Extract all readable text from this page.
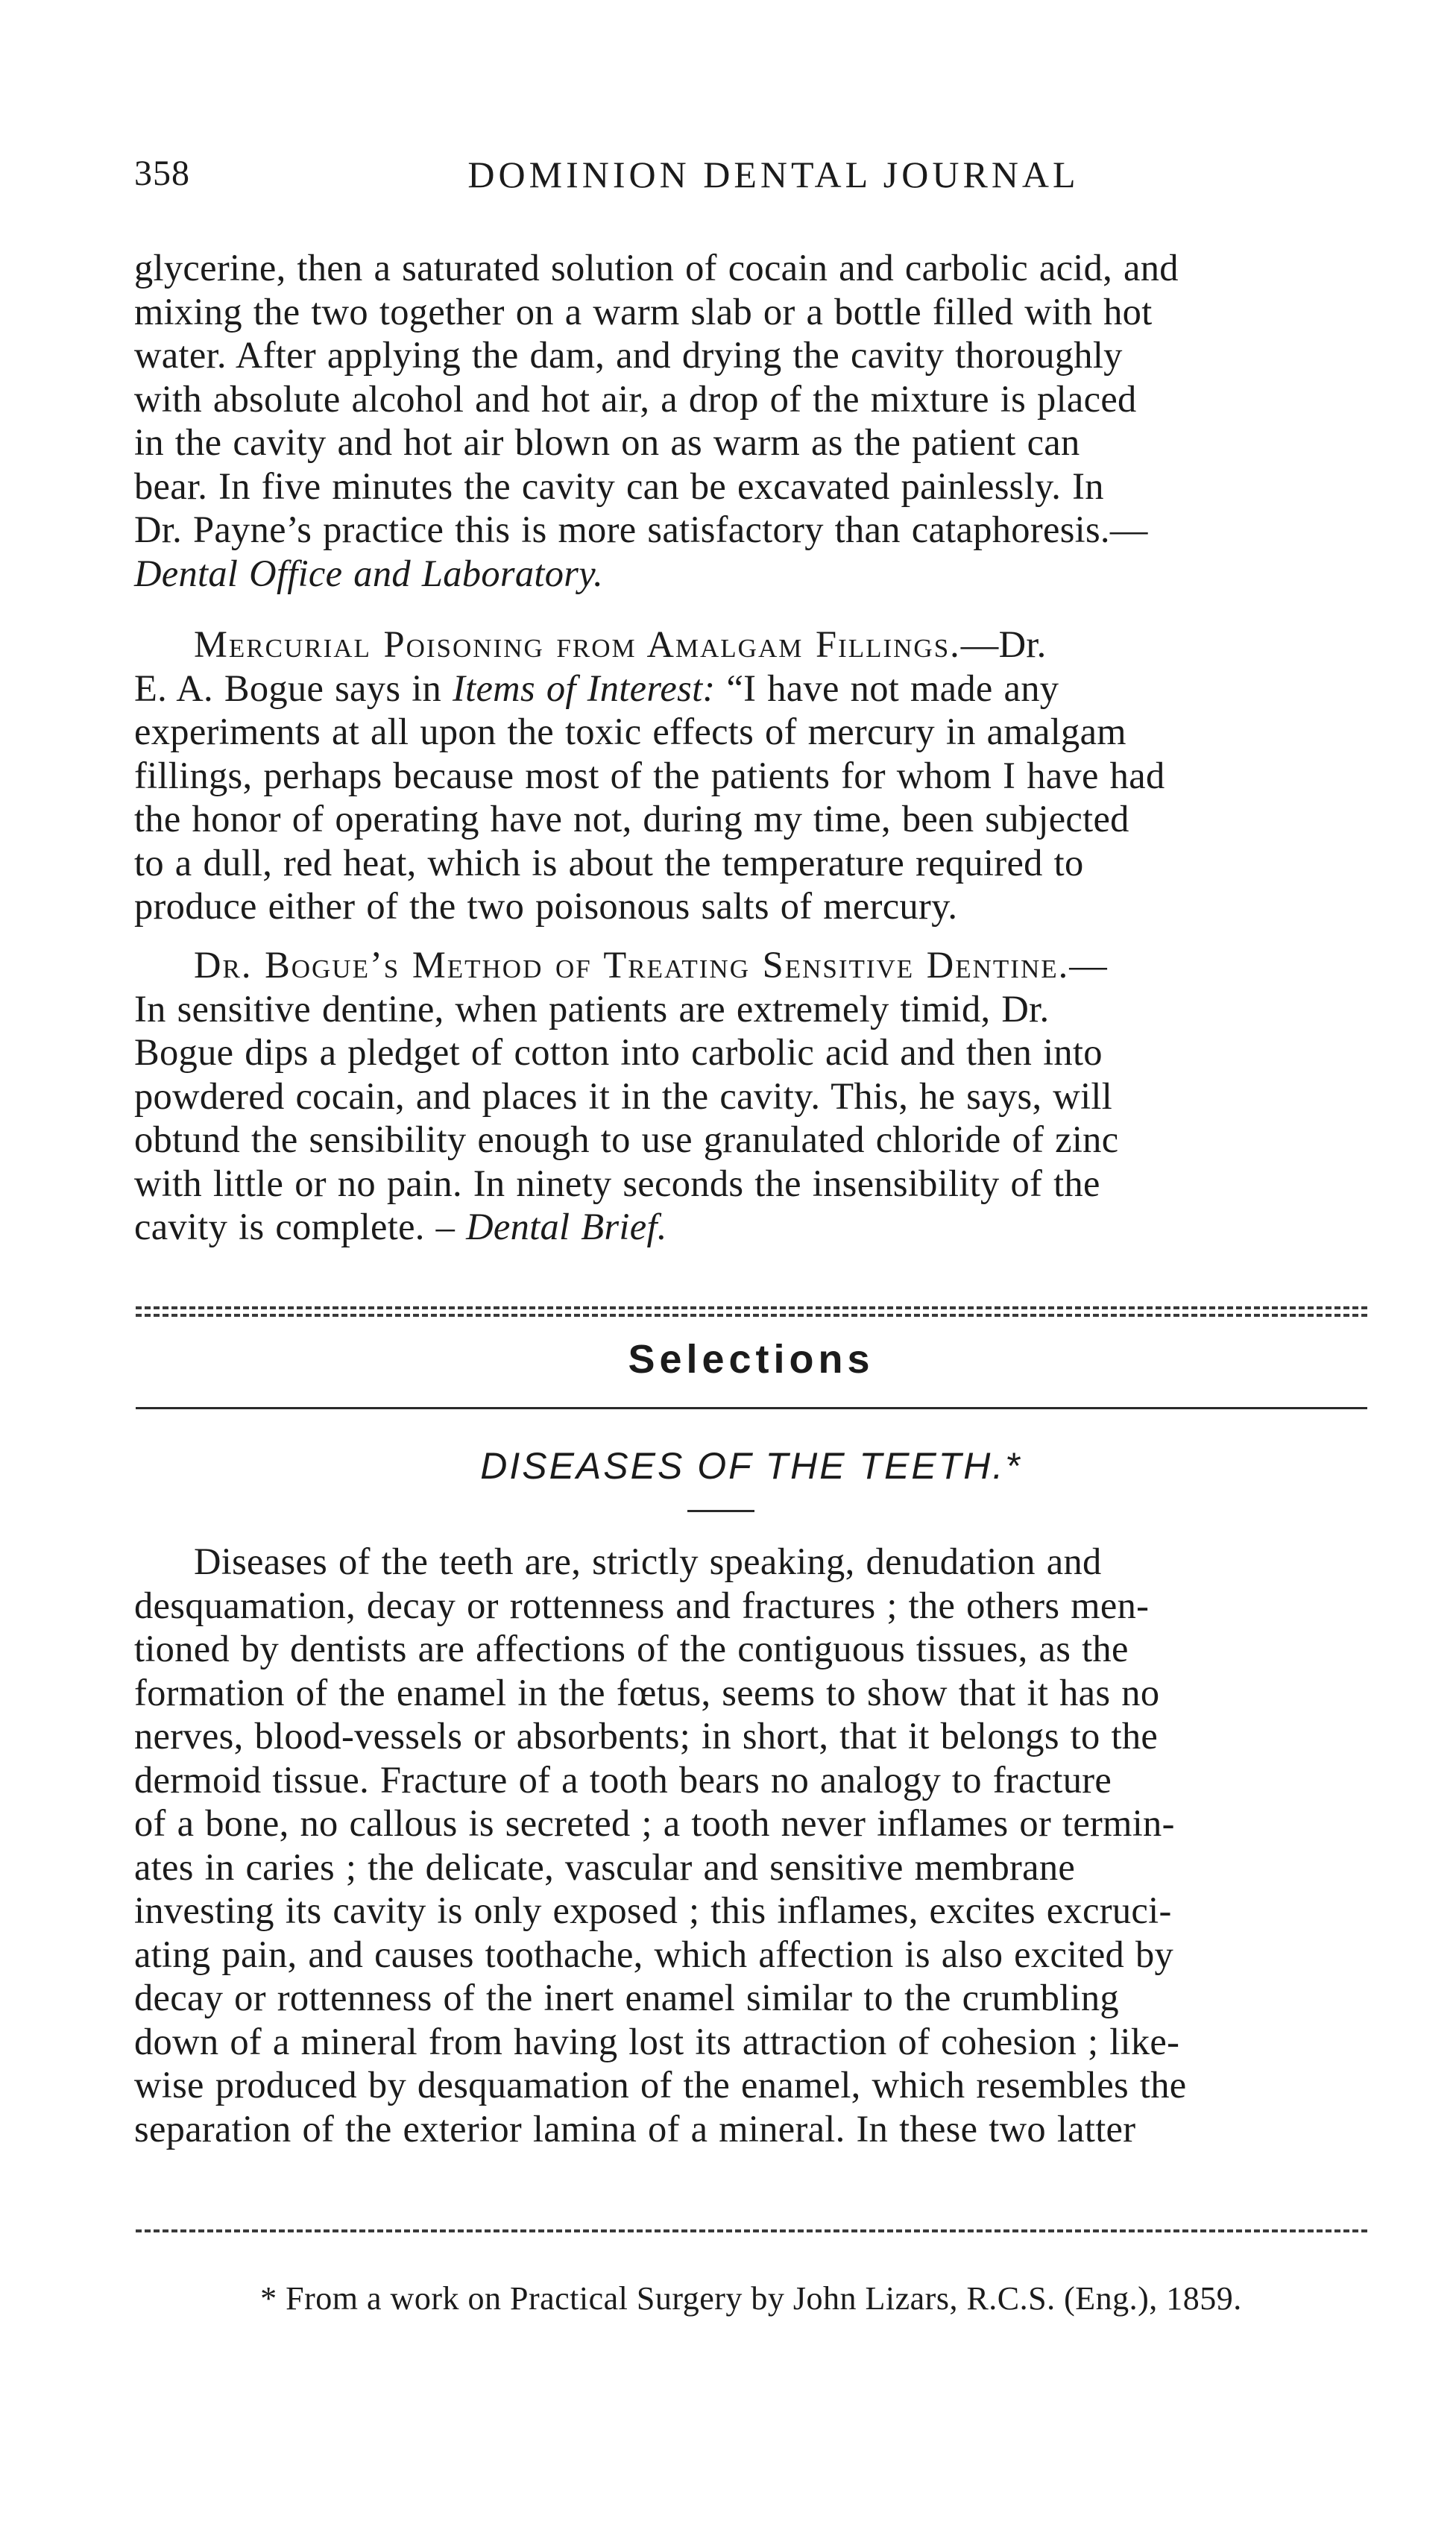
358	DOMINION DENTAL JOURNAL
glycerine, then a saturated solution of cocain and carbolic acid, and
mixing the two together on a warm slab or a bottle filled with hot
water. After applying the dam, and drying the cavity thoroughly
with absolute alcohol and hot air, a drop of the mixture is placed
in the cavity and hot air blown on as warm as the patient can
bear. In five minutes the cavity can be excavated painlessly. In
Dr. Payne’s practice this is more satisfactory than cataphoresis.—
Dental Office and Laboratory.
Mercurial Poisoning from Amalgam Fillings.—Dr.
E. A. Bogue says in Items of Interest: “I have not made any
experiments at all upon the toxic effects of mercury in amalgam
fillings, perhaps because most of the patients for whom I have had
the honor of operating have not, during my time, been subjected
to a dull, red heat, which is about the temperature required to
produce either of the two poisonous salts of mercury.
Dr. Bogue’s Method of Treating Sensitive Dentine.—
In sensitive dentine, when patients are extremely timid, Dr.
Bogue dips a pledget of cotton into carbolic acid and then into
powdered cocain, and places it in the cavity. This, he says, will
obtund the sensibility enough to use granulated chloride of zinc
with little or no pain. In ninety seconds the insensibility of the
cavity is complete. – Dental Brief.
Selections
DISEASES OF THE TEETH.*
Diseases of the teeth are, strictly speaking, denudation and
desquamation, decay or rottenness and fractures ; the others men-
tioned by dentists are affections of the contiguous tissues, as the
formation of the enamel in the fœtus, seems to show that it has no
nerves, blood-vessels or absorbents; in short, that it belongs to the
dermoid tissue. Fracture of a tooth bears no analogy to fracture
of a bone, no callous is secreted ; a tooth never inflames or termin-
ates in caries ; the delicate, vascular and sensitive membrane
investing its cavity is only exposed ; this inflames, excites excruci-
ating pain, and causes toothache, which affection is also excited by
decay or rottenness of the inert enamel similar to the crumbling
down of a mineral from having lost its attraction of cohesion ; like-
wise produced by desquamation of the enamel, which resembles the
separation of the exterior lamina of a mineral. In these two latter
* From a work on Practical Surgery by John Lizars, R.C.S. (Eng.), 1859.
